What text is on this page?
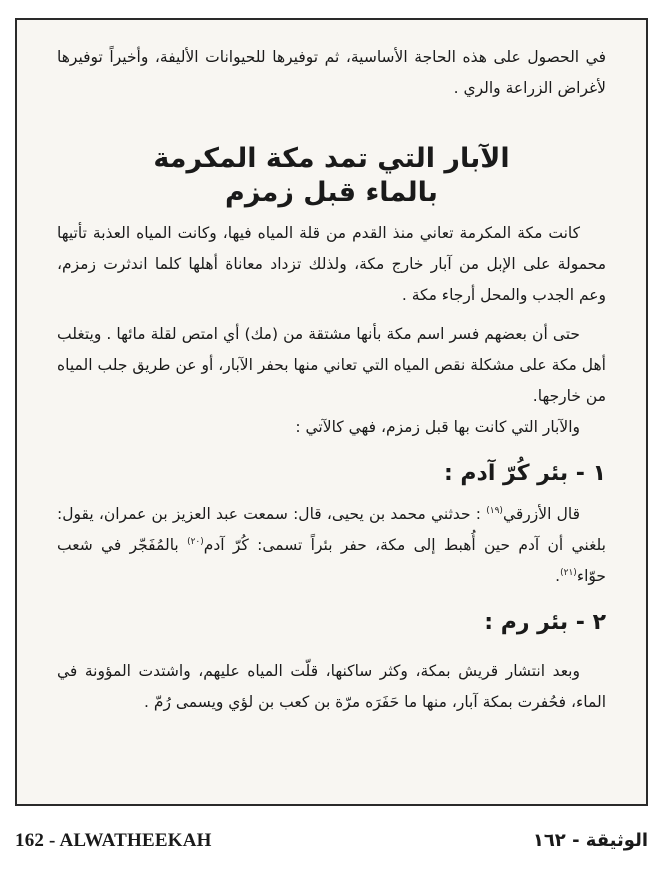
في الحصول على هذه الحاجة الأساسية، ثم توفيرها للحيوانات الأليفة، وأخيراً توفيرها لأغراض الزراعة والري .

الآبار التي تمد مكة المكرمة
بالماء قبل زمزم

كانت مكة المكرمة تعاني منذ القدم من قلة المياه فيها، وكانت المياه العذبة تأتيها محمولة على الإبل من آبار خارج مكة، ولذلك تزداد معاناة أهلها كلما اندثرت زمزم، وعم الجدب والمحل أرجاء مكة .

حتى أن بعضهم فسر اسم مكة بأنها مشتقة من (مك) أي امتص لقلة مائها . ويتغلب أهل مكة على مشكلة نقص المياه التي تعاني منها بحفر الآبار، أو عن طريق جلب المياه من خارجها.

والآبار التي كانت بها قبل زمزم، فهي كالآتي :

١ - بئر كُرّ آدم :

قال الأزرقي$^{(١٩)}$ : حدثني محمد بن يحيى، قال: سمعت عبد العزيز بن عمران، يقول: بلغني أن آدم حين أُهبط إلى مكة، حفر بئراً تسمى: كُرّ آدم$^{(٢٠)}$ بالمُفَجّر في شعب حوّاء$^{(٢١)}$.

٢ - بئر رم :

وبعد انتشار قريش بمكة، وكثر ساكنها، قلّت المياه عليهم، واشتدت المؤونة في الماء، فحُفرت بمكة آبار، منها ما حَفَرَه مرّة بن كعب بن لؤي ويسمى رُمّ .

162 - ALWATHEEKAH	الوثيقة - ١٦٢
